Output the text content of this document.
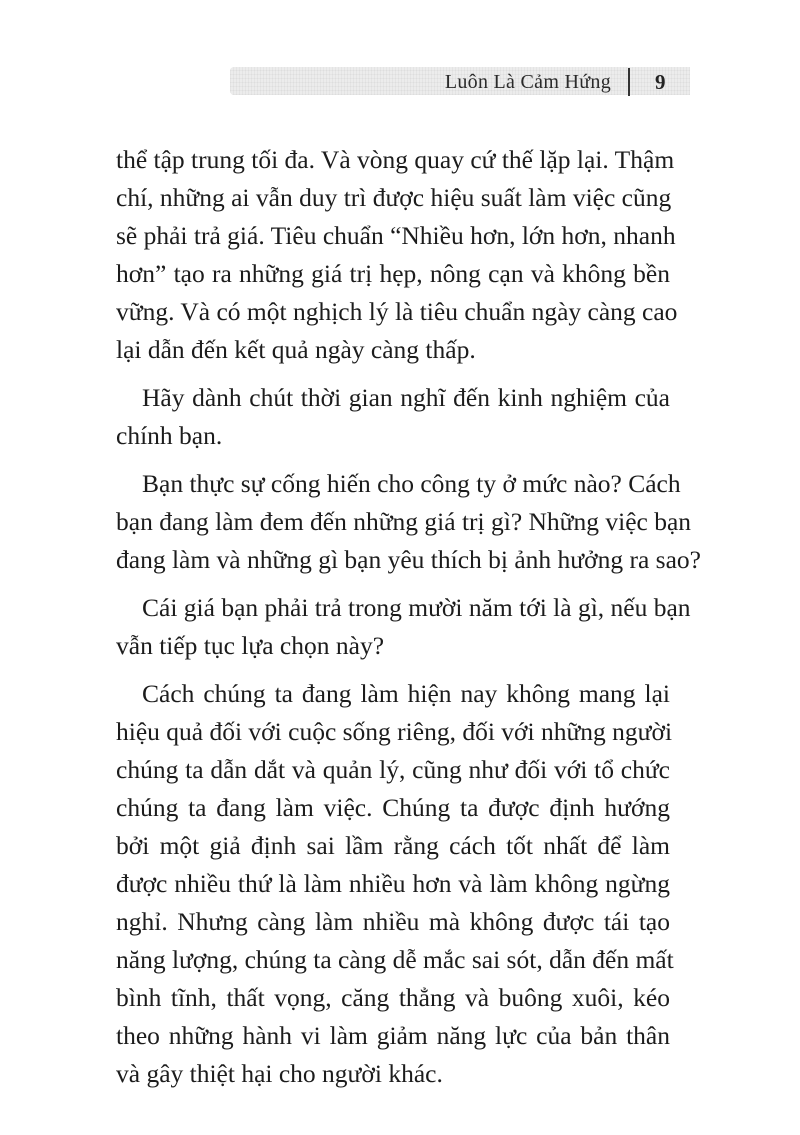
Luôn Là Cảm Hứng 9
thể tập trung tối đa. Và vòng quay cứ thế lặp lại. Thậm
chí, những ai vẫn duy trì được hiệu suất làm việc cũng
sẽ phải trả giá. Tiêu chuẩn “Nhiều hơn, lớn hơn, nhanh
hơn” tạo ra những giá trị hẹp, nông cạn và không bền
vững. Và có một nghịch lý là tiêu chuẩn ngày càng cao
lại dẫn đến kết quả ngày càng thấp.
Hãy dành chút thời gian nghĩ đến kinh nghiệm của
chính bạn.
Bạn thực sự cống hiến cho công ty ở mức nào? Cách
bạn đang làm đem đến những giá trị gì? Những việc bạn
đang làm và những gì bạn yêu thích bị ảnh hưởng ra sao?
Cái giá bạn phải trả trong mười năm tới là gì, nếu bạn
vẫn tiếp tục lựa chọn này?
Cách chúng ta đang làm hiện nay không mang lại
hiệu quả đối với cuộc sống riêng, đối với những người
chúng ta dẫn dắt và quản lý, cũng như đối với tổ chức
chúng ta đang làm việc. Chúng ta được định hướng
bởi một giả định sai lầm rằng cách tốt nhất để làm
được nhiều thứ là làm nhiều hơn và làm không ngừng
nghỉ. Nhưng càng làm nhiều mà không được tái tạo
năng lượng, chúng ta càng dễ mắc sai sót, dẫn đến mất
bình tĩnh, thất vọng, căng thẳng và buông xuôi, kéo
theo những hành vi làm giảm năng lực của bản thân
và gây thiệt hại cho người khác.
